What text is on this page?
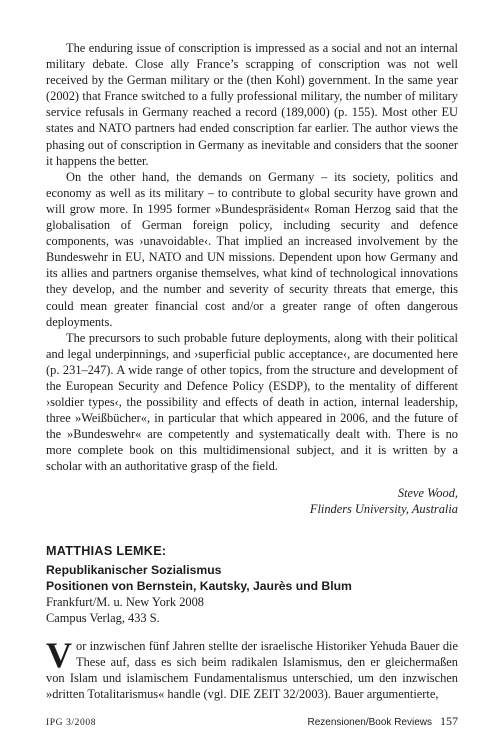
The enduring issue of conscription is impressed as a social and not an internal military debate. Close ally France’s scrapping of conscription was not well received by the German military or the (then Kohl) government. In the same year (2002) that France switched to a fully professional military, the number of military service refusals in Germany reached a record (189,000) (p. 155). Most other EU states and NATO partners had ended conscription far earlier. The author views the phasing out of conscription in Germany as inevitable and considers that the sooner it happens the better.

On the other hand, the demands on Germany – its society, politics and economy as well as its military – to contribute to global security have grown and will grow more. In 1995 former »Bundespräsident« Roman Herzog said that the globalisation of German foreign policy, including security and defence components, was ›unavoidable‹. That implied an increased involvement by the Bundeswehr in EU, NATO and UN missions. Dependent upon how Germany and its allies and partners organise themselves, what kind of technological innovations they develop, and the number and severity of security threats that emerge, this could mean greater financial cost and/or a greater range of often dangerous deployments.

The precursors to such probable future deployments, along with their political and legal underpinnings, and ›superficial public acceptance‹, are documented here (p. 231–247). A wide range of other topics, from the structure and development of the European Security and Defence Policy (ESDP), to the mentality of different ›soldier types‹, the possibility and effects of death in action, internal leadership, three »Weißbücher«, in particular that which appeared in 2006, and the future of the »Bundeswehr« are competently and systematically dealt with. There is no more complete book on this multidimensional subject, and it is written by a scholar with an authoritative grasp of the field.

Steve Wood,
Flinders University, Australia
MATTHIAS LEMKE:
Republikanischer Sozialismus
Positionen von Bernstein, Kautsky, Jaurès und Blum
Frankfurt/M. u. New York 2008
Campus Verlag, 433 S.
V or inzwischen fünf Jahren stellte der israelische Historiker Yehuda Bauer die These auf, dass es sich beim radikalen Islamismus, den er gleichermaßen von Islam und islamischem Fundamentalismus unterschied, um den inzwischen »dritten Totalitarismus« handle (vgl. DIE ZEIT 32/2003). Bauer argumentierte,
IPG 3/2008	Rezensionen/Book Reviews 157
